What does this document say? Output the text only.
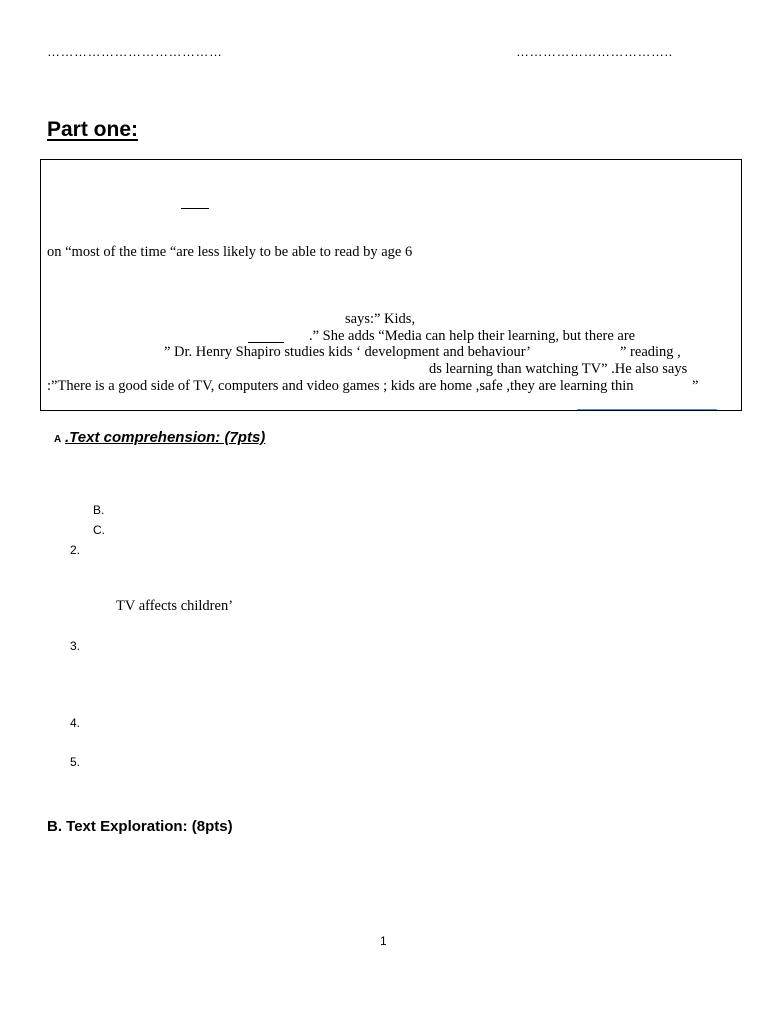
…………………………………	……………………………..
Part one:
on “most of the time “are less likely to be able to read by age 6
says:” Kids,
.” She adds “Media can help their learning, but there are
” Dr. Henry Shapiro studies kids ‘ development and behaviour’	” reading ,
ds learning than watching TV” .He also says
:”There is a good side of TV, computers and video games ; kids are home ,safe ,they are learning thin	”
A .Text comprehension: (7pts)
B.
C.
2.
TV affects children’
3.
4.
5.
B. Text Exploration: (8pts)
1
